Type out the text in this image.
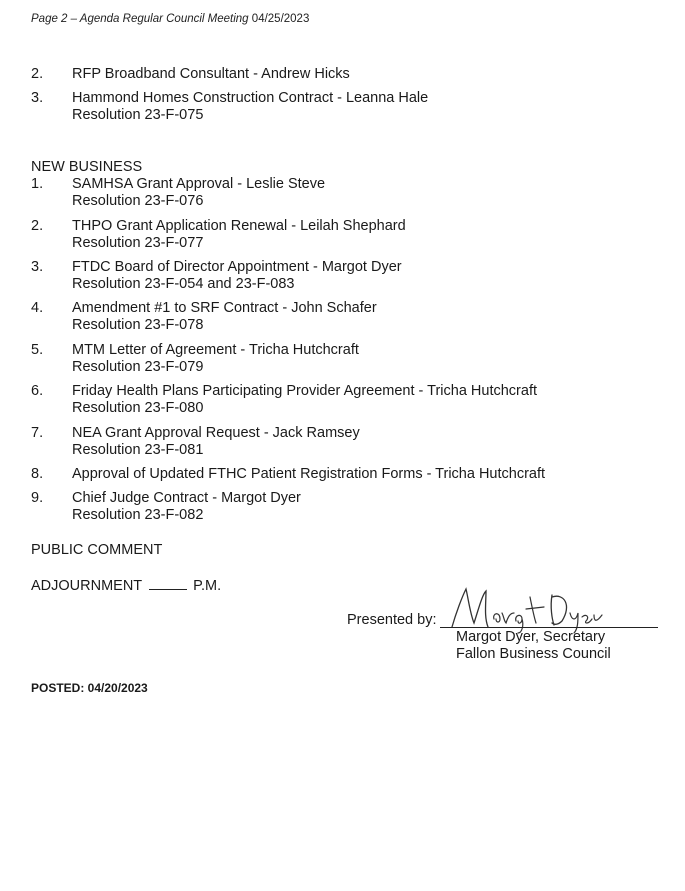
Page 2 – Agenda Regular Council Meeting 04/25/2023
2. RFP Broadband Consultant - Andrew Hicks
3. Hammond Homes Construction Contract - Leanna Hale
Resolution 23-F-075
NEW BUSINESS
1. SAMHSA Grant Approval - Leslie Steve
Resolution 23-F-076
2. THPO Grant Application Renewal - Leilah Shephard
Resolution 23-F-077
3. FTDC Board of Director Appointment - Margot Dyer
Resolution 23-F-054 and 23-F-083
4. Amendment #1 to SRF Contract - John Schafer
Resolution 23-F-078
5. MTM Letter of Agreement - Tricha Hutchcraft
Resolution 23-F-079
6. Friday Health Plans Participating Provider Agreement - Tricha Hutchcraft
Resolution 23-F-080
7. NEA Grant Approval Request - Jack Ramsey
Resolution 23-F-081
8. Approval of Updated FTHC Patient Registration Forms - Tricha Hutchcraft
9. Chief Judge Contract - Margot Dyer
Resolution 23-F-082
PUBLIC COMMENT
ADJOURNMENT	P.M.
Presented by:
Margot Dyer, Secretary
Fallon Business Council
POSTED: 04/20/2023
